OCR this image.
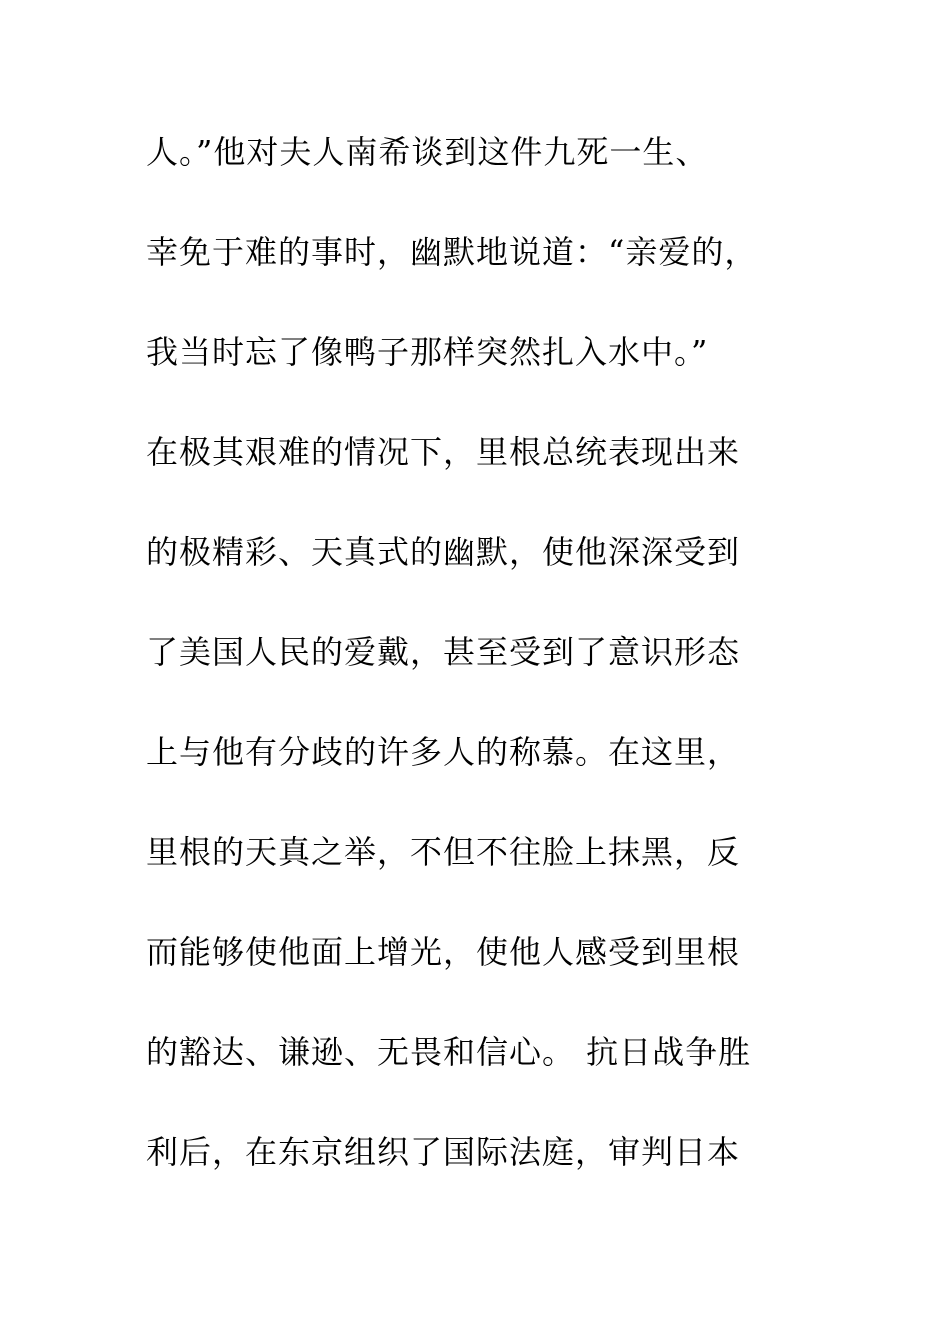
人。”他对夫人南希谈到这件九死一生、
幸免于难的事时，幽默地说道：“亲爱的，
我当时忘了像鸭子那样突然扎入水中。”
在极其艰难的情况下，里根总统表现出来
的极精彩、天真式的幽默，使他深深受到
了美国人民的爱戴，甚至受到了意识形态
上与他有分歧的许多人的称慕。在这里，
里根的天真之举，不但不往脸上抹黑，反
而能够使他面上增光，使他人感受到里根
的豁达、谦逊、无畏和信心。 抗日战争胜
利后，在东京组织了国际法庭，审判日本
